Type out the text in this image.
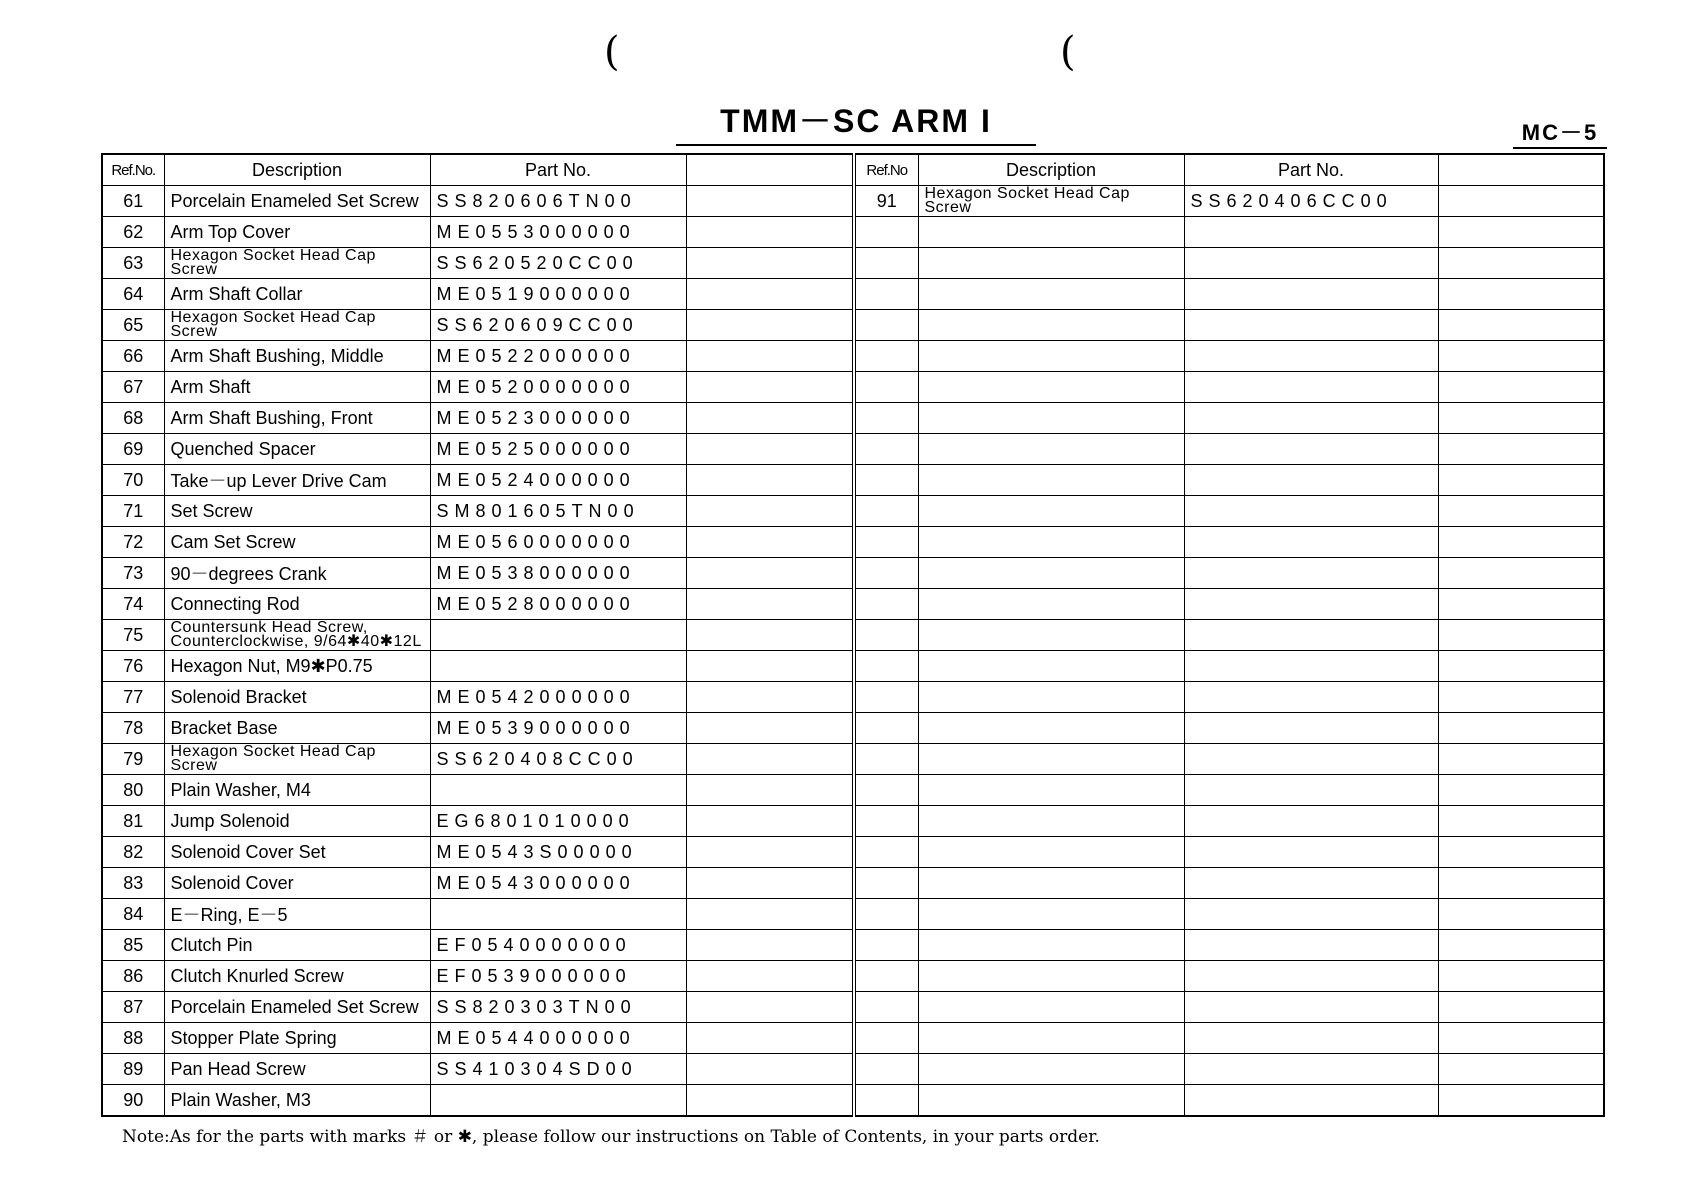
(	(
TMM－SC ARM I	MC－5
Ref.No.	Description	Part No.		Ref.No	Description	Part No.	
61	Porcelain Enameled Set Screw	SS820606TN00		91	Hexagon Socket Head Cap Screw	SS620406CC00	
62	Arm Top Cover	ME0553000000					
63	Hexagon Socket Head Cap Screw	SS620520CC00					
64	Arm Shaft Collar	ME0519000000					
65	Hexagon Socket Head Cap Screw	SS620609CC00					
66	Arm Shaft Bushing, Middle	ME0522000000					
67	Arm Shaft	ME0520000000					
68	Arm Shaft Bushing, Front	ME0523000000					
69	Quenched Spacer	ME0525000000					
70	Take－up Lever Drive Cam	ME0524000000					
71	Set Screw	SM801605TN00					
72	Cam Set Screw	ME0560000000					
73	90－degrees Crank	ME0538000000					
74	Connecting Rod	ME0528000000					
75	Countersunk Head Screw, Counterclockwise, 9/64✱40✱12L						
76	Hexagon Nut, M9✱P0.75						
77	Solenoid Bracket	ME0542000000					
78	Bracket Base	ME0539000000					
79	Hexagon Socket Head Cap Screw	SS620408CC00					
80	Plain Washer, M4						
81	Jump Solenoid	EG6801010000					
82	Solenoid Cover Set	ME0543S00000					
83	Solenoid Cover	ME0543000000					
84	E－Ring, E－5						
85	Clutch Pin	EF0540000000					
86	Clutch Knurled Screw	EF0539000000					
87	Porcelain Enameled Set Screw	SS820303TN00					
88	Stopper Plate Spring	ME0544000000					
89	Pan Head Screw	SS410304SD00					
90	Plain Washer, M3						
Note:As for the parts with marks ＃ or ✱, please follow our instructions on Table of Contents, in your parts order.
